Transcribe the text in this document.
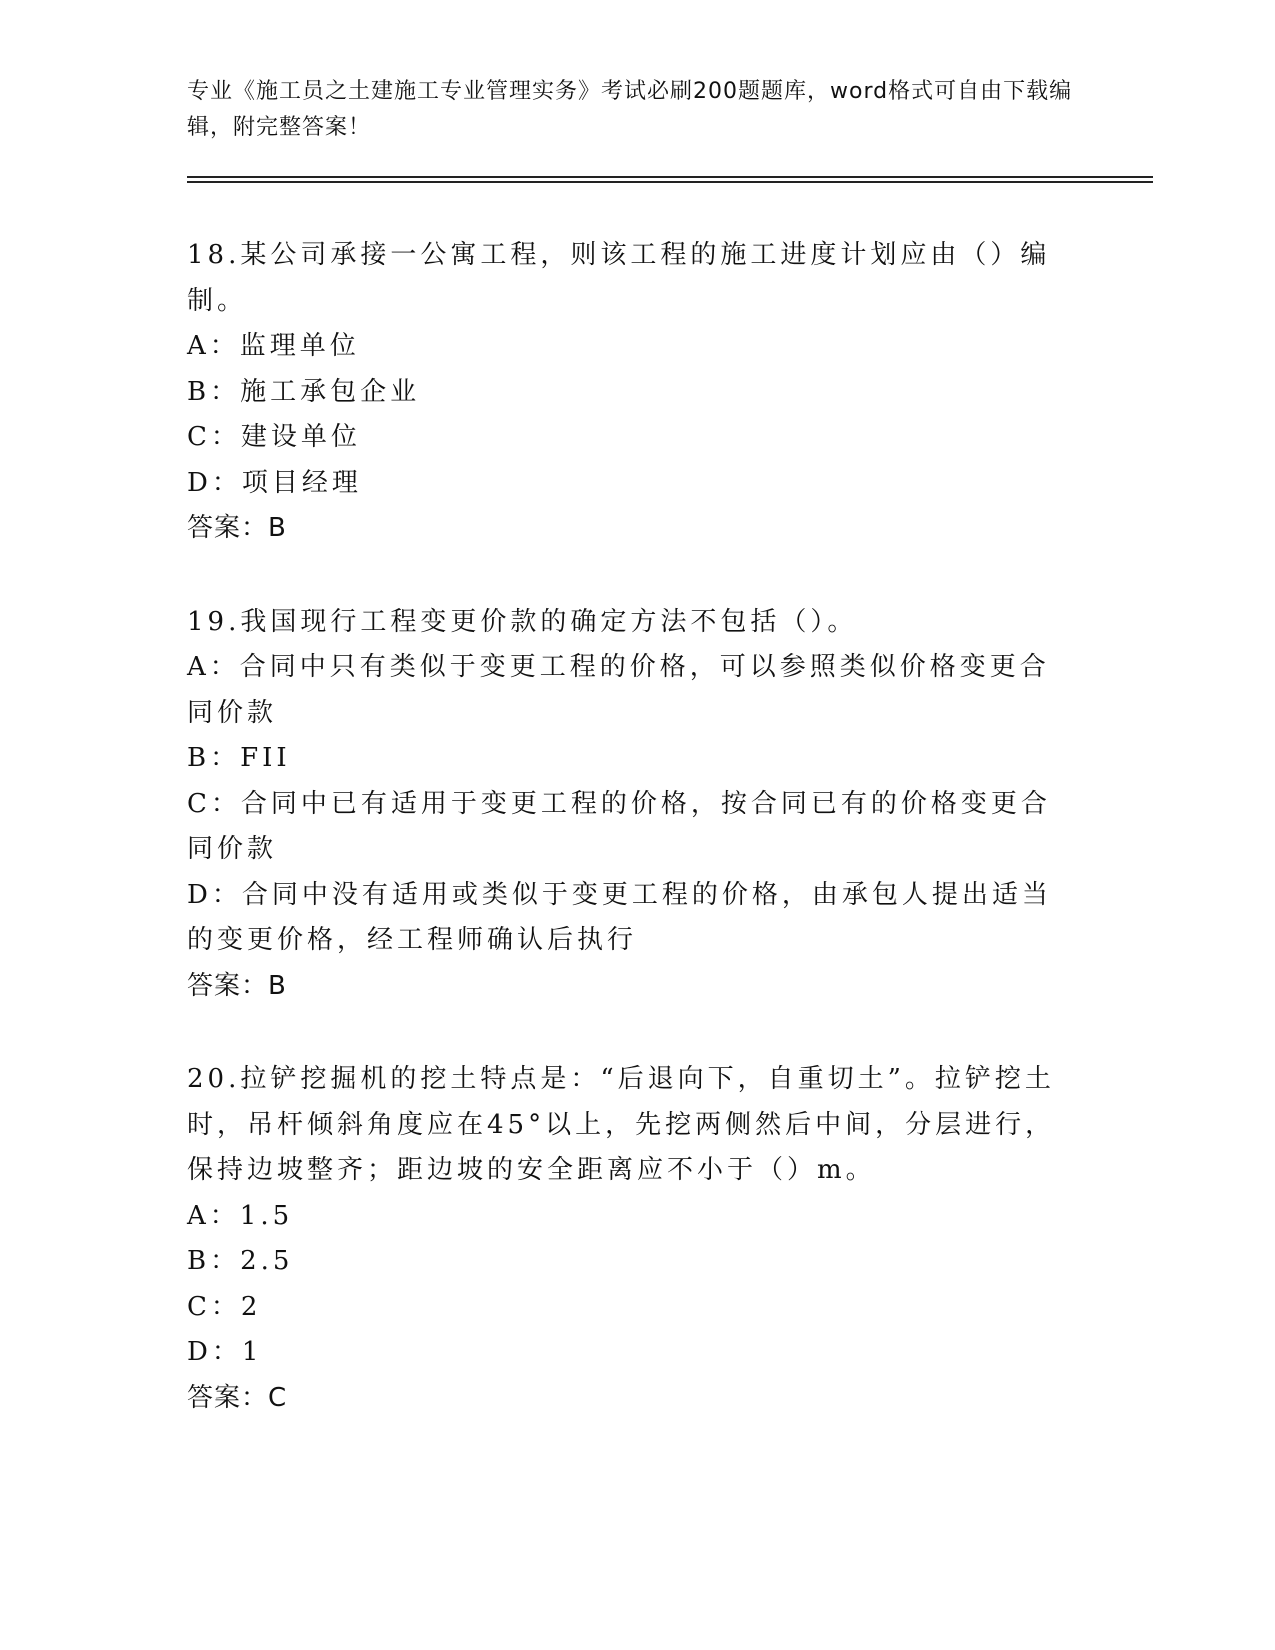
专业《施工员之土建施工专业管理实务》考试必刷200题题库，word格式可自由下载编辑，附完整答案！
18.某公司承接一公寓工程，则该工程的施工进度计划应由（）编制。
A：监理单位
B：施工承包企业
C：建设单位
D：项目经理
答案：B
19.我国现行工程变更价款的确定方法不包括（）。
A：合同中只有类似于变更工程的价格，可以参照类似价格变更合同价款
B：FII
C：合同中已有适用于变更工程的价格，按合同已有的价格变更合同价款
D：合同中没有适用或类似于变更工程的价格，由承包人提出适当的变更价格，经工程师确认后执行
答案：B
20.拉铲挖掘机的挖土特点是：“后退向下，自重切土”。拉铲挖土时，吊杆倾斜角度应在45°以上，先挖两侧然后中间，分层进行，保持边坡整齐；距边坡的安全距离应不小于（）m。
A：1.5
B：2.5
C：2
D：1
答案：C
